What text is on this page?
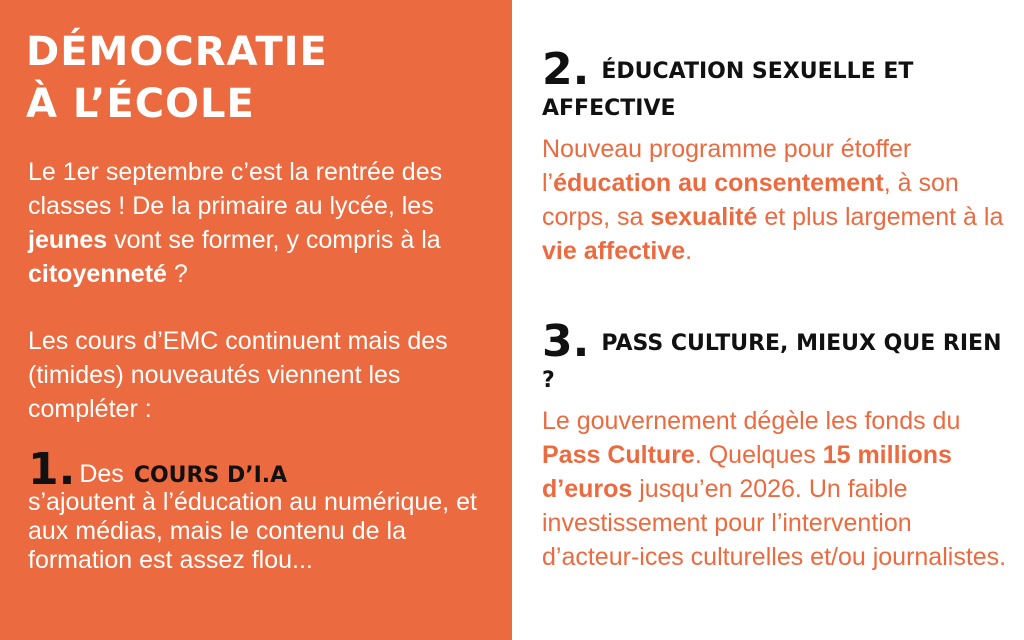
DÉMOCRATIE
À L’ÉCOLE

Le 1er septembre c’est la rentrée des classes ! De la primaire au lycée, les jeunes vont se former, y compris à la citoyenneté ?

Les cours d’EMC continuent mais des (timides) nouveautés viennent les compléter :

1. Des COURS D’I.A
s’ajoutent à l’éducation au numérique, et aux médias, mais le contenu de la formation est assez flou...

2. ÉDUCATION SEXUELLE ET AFFECTIVE

Nouveau programme pour étoffer l’éducation au consentement, à son corps, sa sexualité et plus largement à la vie affective.

3. PASS CULTURE, MIEUX QUE RIEN ?

Le gouvernement dégèle les fonds du Pass Culture. Quelques 15 millions d’euros jusqu’en 2026. Un faible investissement pour l’intervention d’acteur-ices culturelles et/ou journalistes.
